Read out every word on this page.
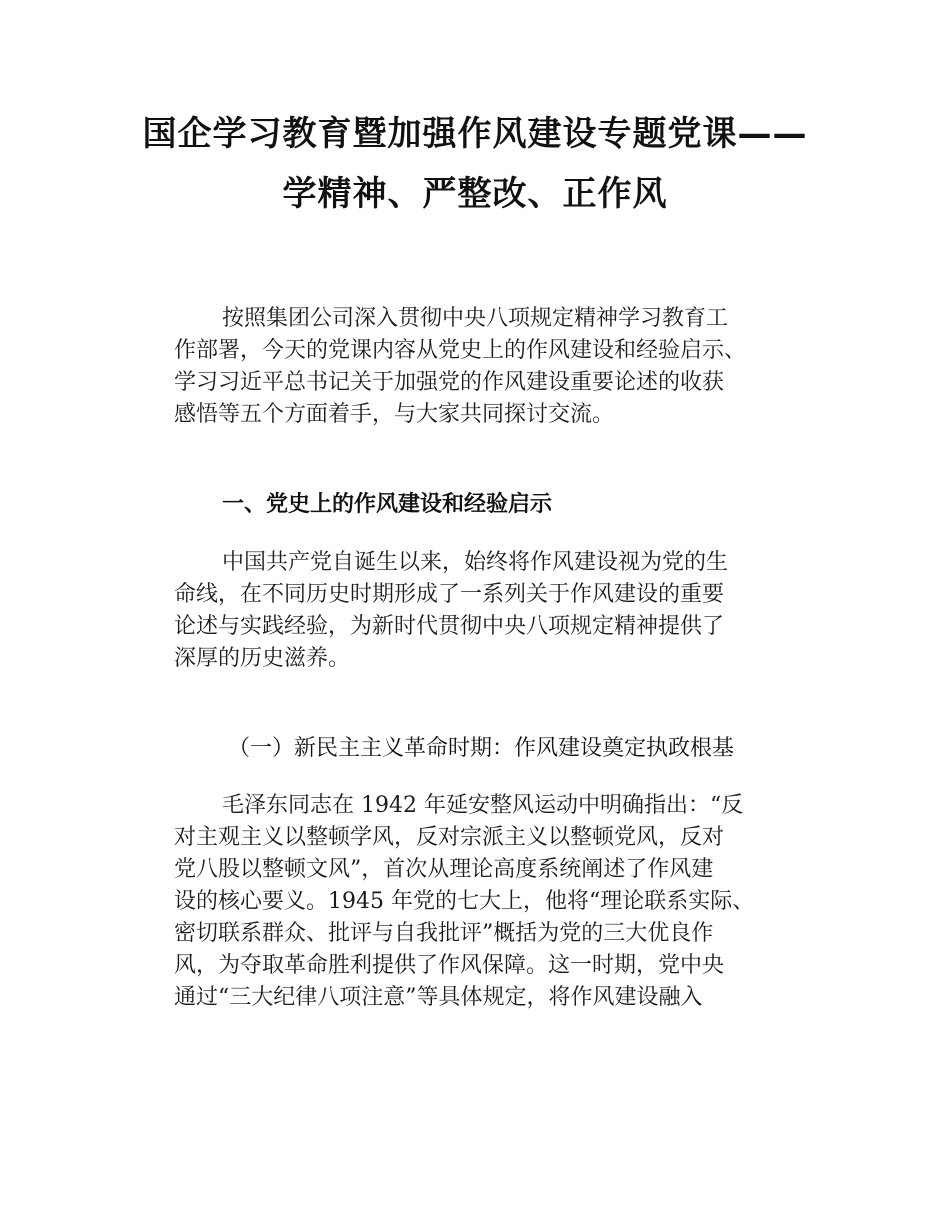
国企学习教育暨加强作风建设专题党课——
学精神、严整改、正作风

按照集团公司深入贯彻中央八项规定精神学习教育工
作部署，今天的党课内容从党史上的作风建设和经验启示、
学习习近平总书记关于加强党的作风建设重要论述的收获
感悟等五个方面着手，与大家共同探讨交流。

一、党史上的作风建设和经验启示

中国共产党自诞生以来，始终将作风建设视为党的生
命线，在不同历史时期形成了一系列关于作风建设的重要
论述与实践经验，为新时代贯彻中央八项规定精神提供了
深厚的历史滋养。

（一）新民主主义革命时期：作风建设奠定执政根基

毛泽东同志在 1942 年延安整风运动中明确指出：“反
对主观主义以整顿学风，反对宗派主义以整顿党风，反对
党八股以整顿文风”，首次从理论高度系统阐述了作风建
设的核心要义。1945 年党的七大上，他将“理论联系实际、
密切联系群众、批评与自我批评”概括为党的三大优良作
风，为夺取革命胜利提供了作风保障。这一时期，党中央
通过“三大纪律八项注意”等具体规定，将作风建设融入
